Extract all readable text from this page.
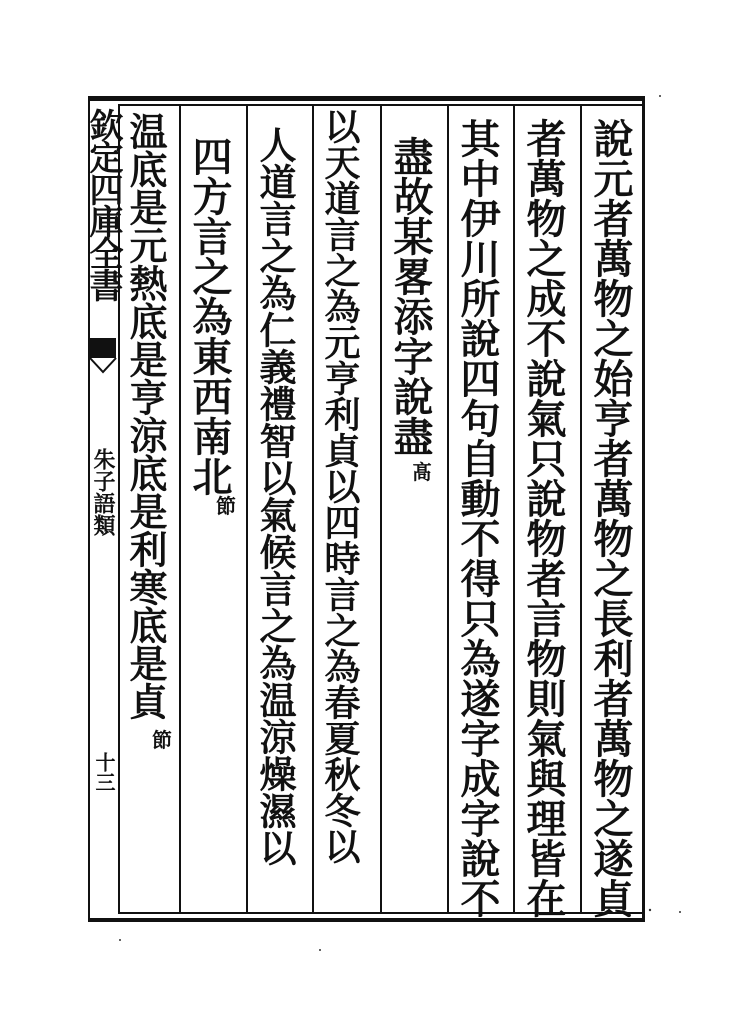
欽定四庫全書
朱子語類
十三	說元者萬物之始亨者萬物之長利者萬物之遂貞
者萬物之成不說氣只說物者言物則氣與理皆在
其中伊川所說四句自動不得只為遂字成字說不
盡故某畧添字說盡
髙
以天道言之為元亨利貞以四時言之為春夏秋冬以
人道言之為仁義禮智以氣候言之為温涼燥濕以
四方言之為東西南北
節
温底是元熱底是亨涼底是利寒底是貞
節
